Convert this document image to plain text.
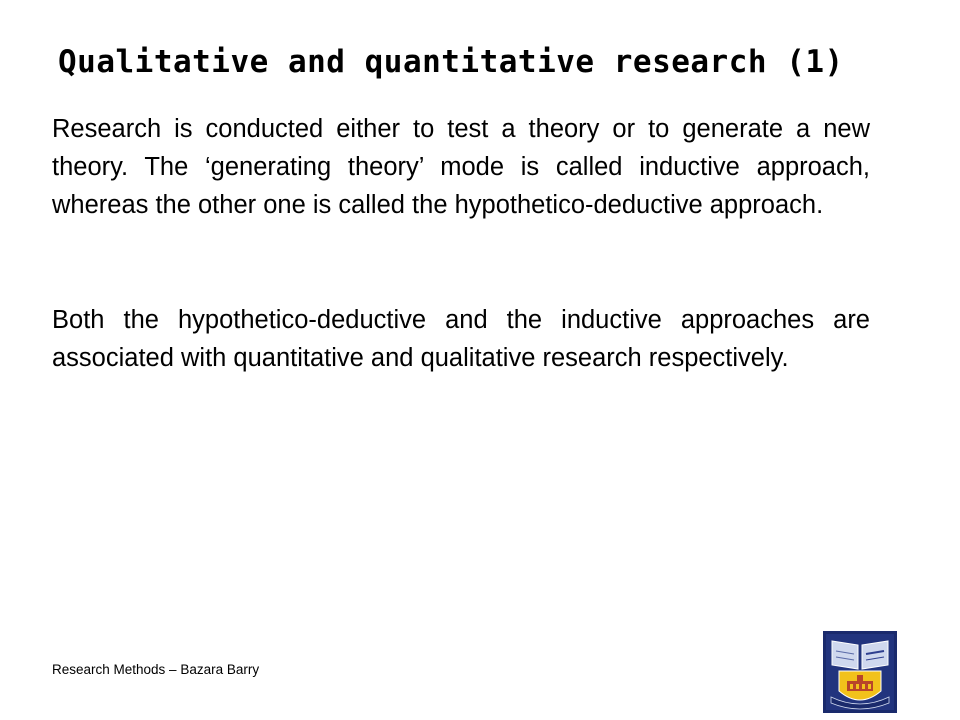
Qualitative and quantitative research (1)

Research is conducted either to test a theory or to generate a new theory. The ‘generating theory’ mode is called inductive approach, whereas the other one is called the hypothetico-deductive approach.

Both the hypothetico-deductive and the inductive approaches are associated with quantitative and qualitative research respectively.

Research Methods – Bazara Barry
